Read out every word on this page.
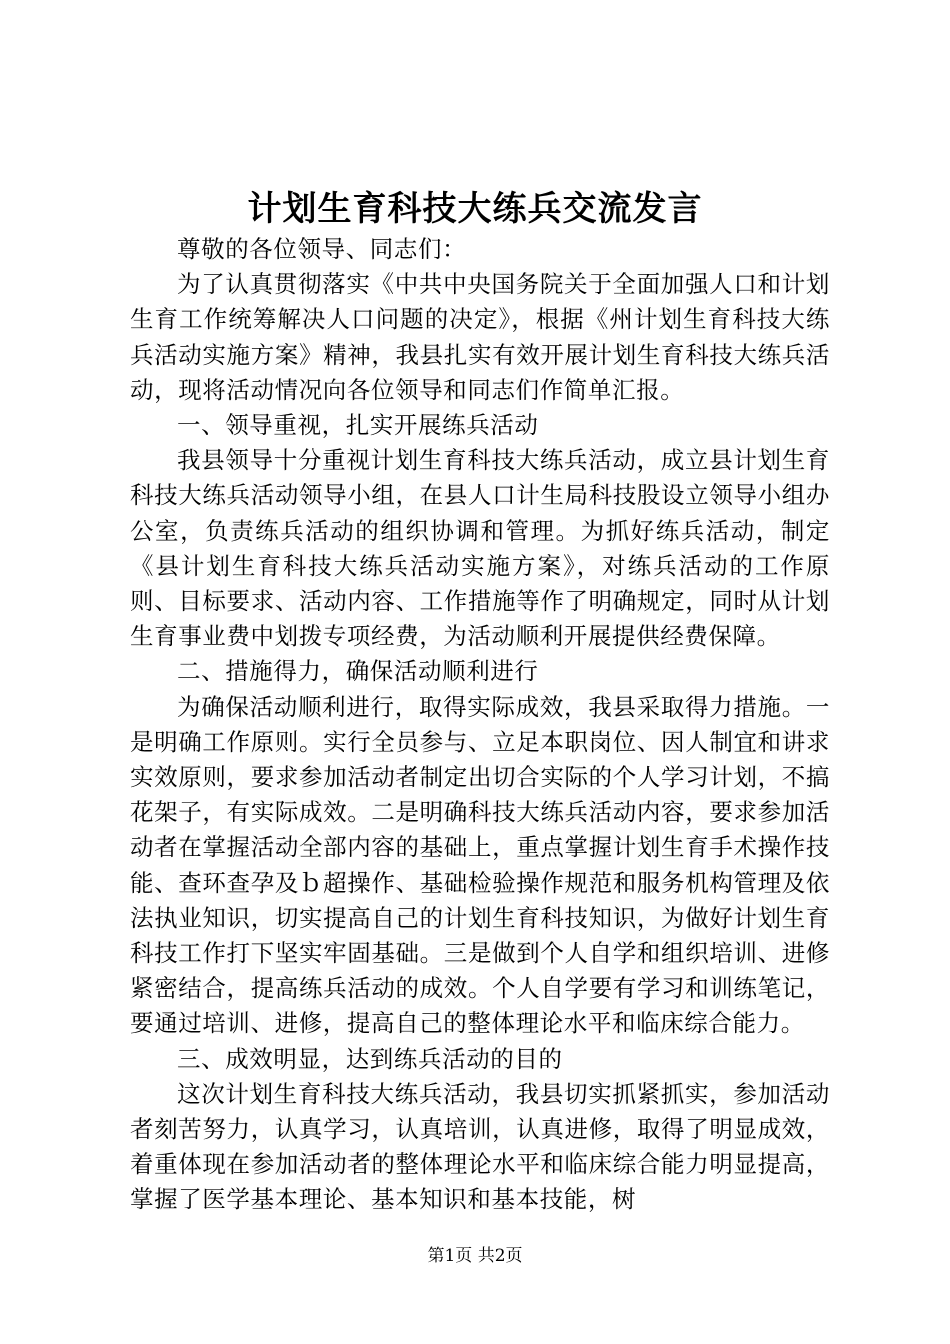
计划生育科技大练兵交流发言

尊敬的各位领导、同志们：

为了认真贯彻落实《中共中央国务院关于全面加强人口和计划生育工作统筹解决人口问题的决定》，根据《州计划生育科技大练兵活动实施方案》精神，我县扎实有效开展计划生育科技大练兵活动，现将活动情况向各位领导和同志们作简单汇报。

一、领导重视，扎实开展练兵活动

我县领导十分重视计划生育科技大练兵活动，成立县计划生育科技大练兵活动领导小组，在县人口计生局科技股设立领导小组办公室，负责练兵活动的组织协调和管理。为抓好练兵活动，制定《县计划生育科技大练兵活动实施方案》，对练兵活动的工作原则、目标要求、活动内容、工作措施等作了明确规定，同时从计划生育事业费中划拨专项经费，为活动顺利开展提供经费保障。

二、措施得力，确保活动顺利进行

为确保活动顺利进行，取得实际成效，我县采取得力措施。一是明确工作原则。实行全员参与、立足本职岗位、因人制宜和讲求实效原则，要求参加活动者制定出切合实际的个人学习计划，不搞花架子，有实际成效。二是明确科技大练兵活动内容，要求参加活动者在掌握活动全部内容的基础上，重点掌握计划生育手术操作技能、查环查孕及ｂ超操作、基础检验操作规范和服务机构管理及依法执业知识，切实提高自己的计划生育科技知识，为做好计划生育科技工作打下坚实牢固基础。三是做到个人自学和组织培训、进修紧密结合，提高练兵活动的成效。个人自学要有学习和训练笔记，要通过培训、进修，提高自己的整体理论水平和临床综合能力。

三、成效明显，达到练兵活动的目的

这次计划生育科技大练兵活动，我县切实抓紧抓实，参加活动者刻苦努力，认真学习，认真培训，认真进修，取得了明显成效，着重体现在参加活动者的整体理论水平和临床综合能力明显提高，掌握了医学基本理论、基本知识和基本技能，树

第1页 共2页
